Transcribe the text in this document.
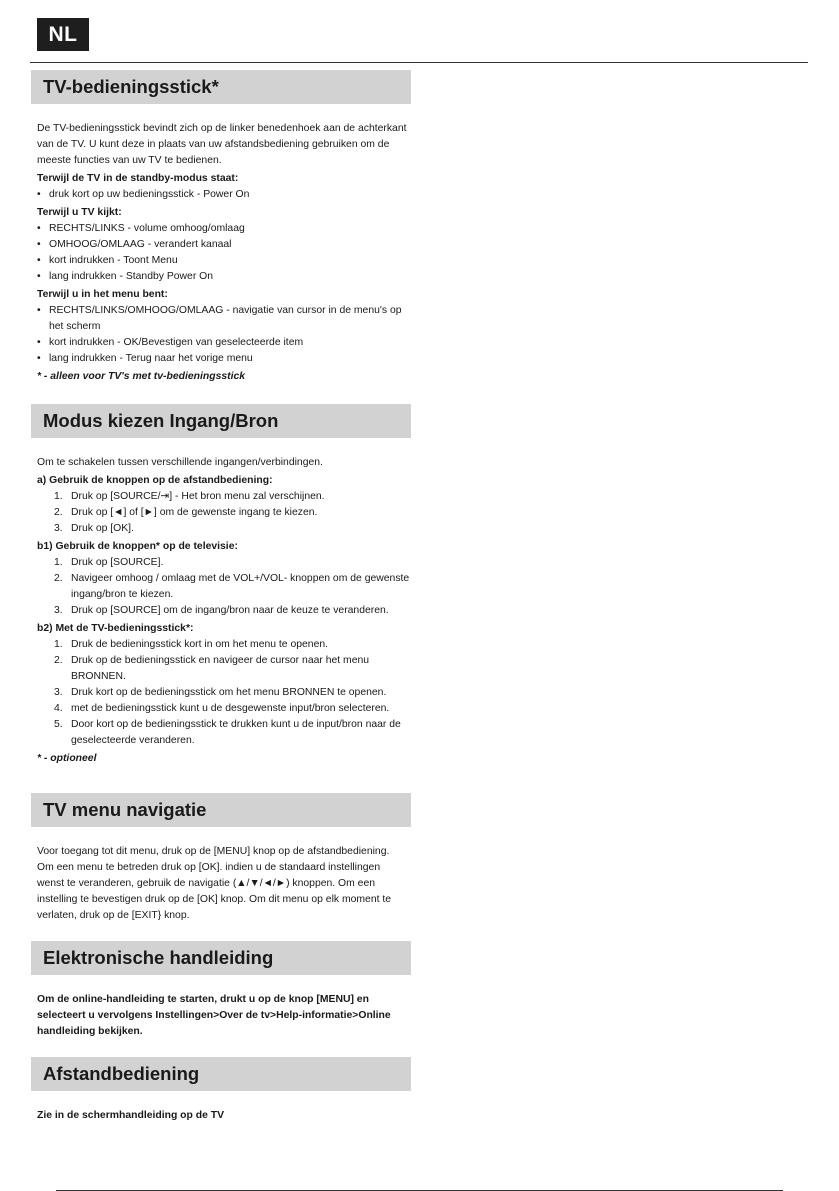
NL
TV-bedieningsstick*

De TV-bedieningsstick bevindt zich op de linker benedenhoek aan de achterkant van de TV. U kunt deze in plaats van uw afstandsbediening gebruiken om de meeste functies van uw TV te bedienen.

Terwijl de TV in de standby-modus staat:

• druk kort op uw bedieningsstick - Power On

Terwijl u TV kijkt:

• RECHTS/LINKS - volume omhoog/omlaag
• OMHOOG/OMLAAG - verandert kanaal
• kort indrukken - Toont Menu
• lang indrukken - Standby Power On

Terwijl u in het menu bent:

• RECHTS/LINKS/OMHOOG/OMLAAG - navigatie van cursor in de menu's op het scherm
• kort indrukken - OK/Bevestigen van geselecteerde item
• lang indrukken - Terug naar het vorige menu

* - alleen voor TV's met tv-bedieningsstick

Modus kiezen Ingang/Bron

Om te schakelen tussen verschillende ingangen/verbindingen.

a) Gebruik de knoppen op de afstandbediening:

1. Druk op [SOURCE/⇥] - Het bron menu zal verschijnen.
2. Druk op [◄] of [►] om de gewenste ingang te kiezen.
3. Druk op [OK].

b1) Gebruik de knoppen* op de televisie:

1. Druk op [SOURCE].
2. Navigeer omhoog / omlaag met de VOL+/VOL- knoppen om de gewenste ingang/bron te kiezen.
3. Druk op [SOURCE] om de ingang/bron naar de keuze te veranderen.

b2) Met de TV-bedieningsstick*:

1. Druk de bedieningsstick kort in om het menu te openen.
2. Druk op de bedieningsstick en navigeer de cursor naar het menu BRONNEN.
3. Druk kort op de bedieningsstick om het menu BRONNEN te openen.
4. met de bedieningsstick kunt u de desgewenste input/bron selecteren.
5. Door kort op de bedieningsstick te drukken kunt u de input/bron naar de geselecteerde veranderen.

* - optioneel

TV menu navigatie

Voor toegang tot dit menu, druk op de [MENU] knop op de afstandbediening. Om een menu te betreden druk op [OK]. indien u de standaard instellingen wenst te veranderen, gebruik de navigatie (▲/▼/◄/►) knoppen. Om een instelling te bevestigen druk op de [OK] knop. Om dit menu op elk moment te verlaten, druk op de [EXIT} knop.

Elektronische handleiding

Om de online-handleiding te starten, drukt u op de knop [MENU] en selecteert u vervolgens Instellingen>Over de tv>Help-informatie>Online handleiding bekijken.

Afstandbediening

Zie in de schermhandleiding op de TV
